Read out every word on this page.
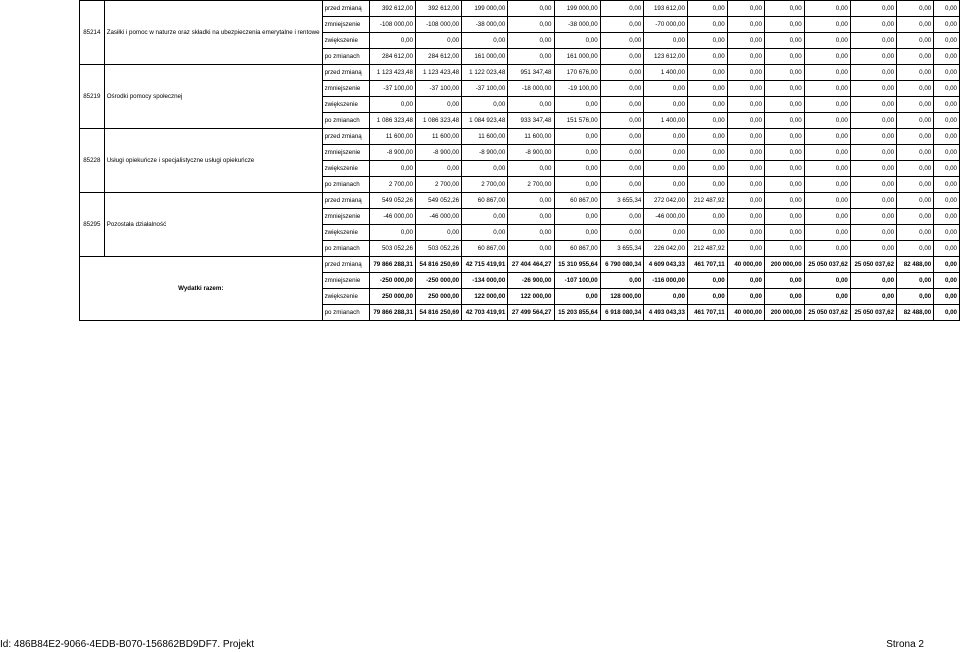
85214	Zasiłki i pomoc w naturze oraz składki na ubezpieczenia emerytalne i rentowe	przed zmianą	392 612,00	392 612,00	199 000,00	0,00	199 000,00	0,00	193 612,00	0,00	0,00	0,00	0,00	0,00	0,00	0,00
		zmniejszenie	-108 000,00	-108 000,00	-38 000,00	0,00	-38 000,00	0,00	-70 000,00	0,00	0,00	0,00	0,00	0,00	0,00	0,00
		zwiększenie	0,00	0,00	0,00	0,00	0,00	0,00	0,00	0,00	0,00	0,00	0,00	0,00	0,00	0,00
		po zmianach	284 612,00	284 612,00	161 000,00	0,00	161 000,00	0,00	123 612,00	0,00	0,00	0,00	0,00	0,00	0,00	0,00
85219	Ośrodki pomocy społecznej	przed zmianą	1 123 423,48	1 123 423,48	1 122 023,48	951 347,48	170 676,00	0,00	1 400,00	0,00	0,00	0,00	0,00	0,00	0,00	0,00
		zmniejszenie	-37 100,00	-37 100,00	-37 100,00	-18 000,00	-19 100,00	0,00	0,00	0,00	0,00	0,00	0,00	0,00	0,00	0,00
		zwiększenie	0,00	0,00	0,00	0,00	0,00	0,00	0,00	0,00	0,00	0,00	0,00	0,00	0,00	0,00
		po zmianach	1 086 323,48	1 086 323,48	1 084 923,48	933 347,48	151 576,00	0,00	1 400,00	0,00	0,00	0,00	0,00	0,00	0,00	0,00
85228	Usługi opiekuńcze i specjalistyczne usługi opiekuńcze	przed zmianą	11 600,00	11 600,00	11 600,00	11 600,00	0,00	0,00	0,00	0,00	0,00	0,00	0,00	0,00	0,00	0,00
		zmniejszenie	-8 900,00	-8 900,00	-8 900,00	-8 900,00	0,00	0,00	0,00	0,00	0,00	0,00	0,00	0,00	0,00	0,00
		zwiększenie	0,00	0,00	0,00	0,00	0,00	0,00	0,00	0,00	0,00	0,00	0,00	0,00	0,00	0,00
		po zmianach	2 700,00	2 700,00	2 700,00	2 700,00	0,00	0,00	0,00	0,00	0,00	0,00	0,00	0,00	0,00	0,00
85295	Pozostała działalność	przed zmianą	549 052,26	549 052,26	60 867,00	0,00	60 867,00	3 655,34	272 042,00	212 487,92	0,00	0,00	0,00	0,00	0,00	0,00
		zmniejszenie	-46 000,00	-46 000,00	0,00	0,00	0,00	0,00	-46 000,00	0,00	0,00	0,00	0,00	0,00	0,00	0,00
		zwiększenie	0,00	0,00	0,00	0,00	0,00	0,00	0,00	0,00	0,00	0,00	0,00	0,00	0,00	0,00
		po zmianach	503 052,26	503 052,26	60 867,00	0,00	60 867,00	3 655,34	226 042,00	212 487,92	0,00	0,00	0,00	0,00	0,00	0,00
Wydatki razem:		przed zmianą	79 866 288,31	54 816 250,69	42 715 419,91	27 404 464,27	15 310 955,64	6 790 080,34	4 609 043,33	461 707,11	40 000,00	200 000,00	25 050 037,62	25 050 037,62	82 488,00	0,00
		zmniejszenie	-250 000,00	-250 000,00	-134 000,00	-26 900,00	-107 100,00	0,00	-116 000,00	0,00	0,00	0,00	0,00	0,00	0,00	0,00
		zwiększenie	250 000,00	250 000,00	122 000,00	122 000,00	0,00	128 000,00	0,00	0,00	0,00	0,00	0,00	0,00	0,00	0,00
		po zmianach	79 866 288,31	54 816 250,69	42 703 419,91	27 499 564,27	15 203 855,64	6 918 080,34	4 493 043,33	461 707,11	40 000,00	200 000,00	25 050 037,62	25 050 037,62	82 488,00	0,00
Id: 486B84E2-9066-4EDB-B070-156862BD9DF7. Projekt	Strona 2
